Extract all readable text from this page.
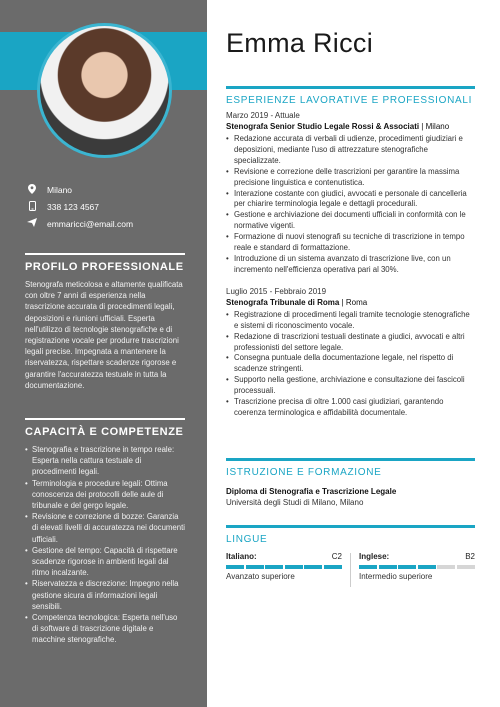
Milano
338 123 4567
emmaricci@email.com
PROFILO PROFESSIONALE

Stenografa meticolosa e altamente qualificata con oltre 7 anni di esperienza nella trascrizione accurata di procedimenti legali, deposizioni e riunioni ufficiali. Esperta nell'utilizzo di tecnologie stenografiche e di registrazione vocale per produrre trascrizioni legali precise. Impegnata a mantenere la riservatezza, rispettare scadenze rigorose e garantire l'accuratezza testuale in tutta la documentazione.

CAPACITÀ E COMPETENZE
• Stenografia e trascrizione in tempo reale: Esperta nella cattura testuale di procedimenti legali.
• Terminologia e procedure legali: Ottima conoscenza dei protocolli delle aule di tribunale e del gergo legale.
• Revisione e correzione di bozze: Garanzia di elevati livelli di accuratezza nei documenti ufficiali.
• Gestione del tempo: Capacità di rispettare scadenze rigorose in ambienti legali dal ritmo incalzante.
• Riservatezza e discrezione: Impegno nella gestione sicura di informazioni legali sensibili.
• Competenza tecnologica: Esperta nell'uso di software di trascrizione digitale e macchine stenografiche.
Emma Ricci
ESPERIENZE LAVORATIVE E PROFESSIONALI
Marzo 2019 - Attuale
Stenografa Senior Studio Legale Rossi & Associati | Milano
• Redazione accurata di verbali di udienze, procedimenti giudiziari e deposizioni, mediante l'uso di attrezzature stenografiche specializzate.
• Revisione e correzione delle trascrizioni per garantire la massima precisione linguistica e contenutistica.
• Interazione costante con giudici, avvocati e personale di cancelleria per chiarire terminologia legale e dettagli procedurali.
• Gestione e archiviazione dei documenti ufficiali in conformità con le normative vigenti.
• Formazione di nuovi stenografi su tecniche di trascrizione in tempo reale e standard di formattazione.
• Introduzione di un sistema avanzato di trascrizione live, con un incremento nell'efficienza operativa pari al 30%.
Luglio 2015 - Febbraio 2019
Stenografa Tribunale di Roma | Roma
• Registrazione di procedimenti legali tramite tecnologie stenografiche e sistemi di riconoscimento vocale.
• Redazione di trascrizioni testuali destinate a giudici, avvocati e altri professionisti del settore legale.
• Consegna puntuale della documentazione legale, nel rispetto di scadenze stringenti.
• Supporto nella gestione, archiviazione e consultazione dei fascicoli processuali.
• Trascrizione precisa di oltre 1.000 casi giudiziari, garantendo coerenza terminologica e affidabilità documentale.
ISTRUZIONE E FORMAZIONE
Diploma di Stenografia e Trascrizione Legale
Università degli Studi di Milano, Milano
LINGUE
Italiano:	C2
Avanzato superiore
Inglese:	B2
Intermedio superiore
